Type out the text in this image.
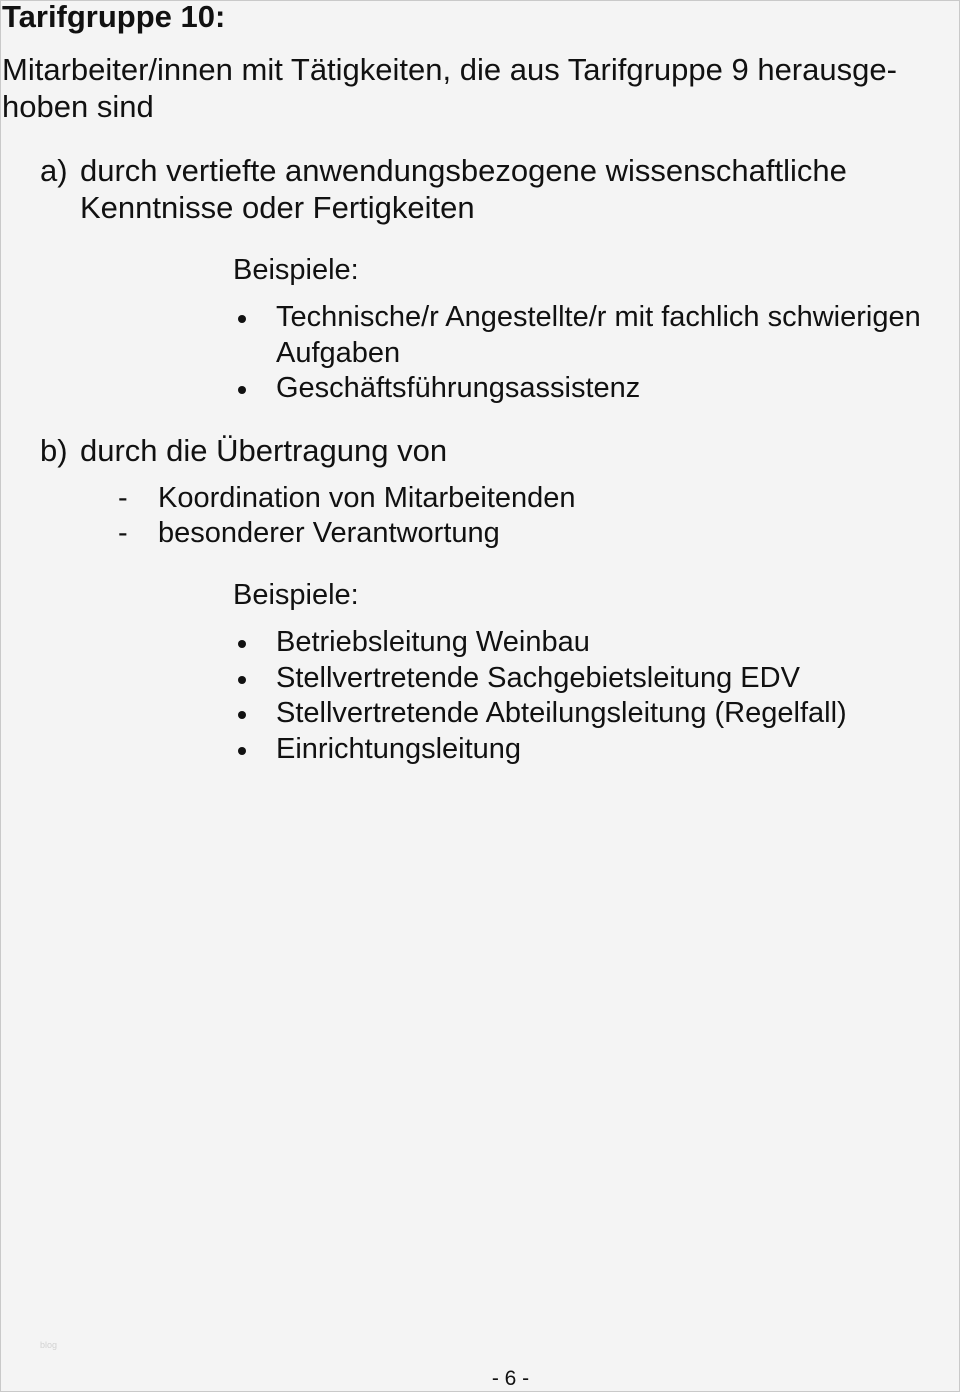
Tarifgruppe 10:
Mitarbeiter/innen mit Tätigkeiten, die aus Tarifgruppe 9 herausge-
hoben sind
a) durch vertiefte anwendungsbezogene wissenschaftliche
Kenntnisse oder Fertigkeiten
Beispiele:
Technische/r Angestellte/r mit fachlich schwierigen
Aufgaben
Geschäftsführungsassistenz
b) durch die Übertragung von
- Koordination von Mitarbeitenden
- besonderer Verantwortung
Beispiele:
Betriebsleitung Weinbau
Stellvertretende Sachgebietsleitung EDV
Stellvertretende Abteilungsleitung (Regelfall)
Einrichtungsleitung
blog
- 6 -
